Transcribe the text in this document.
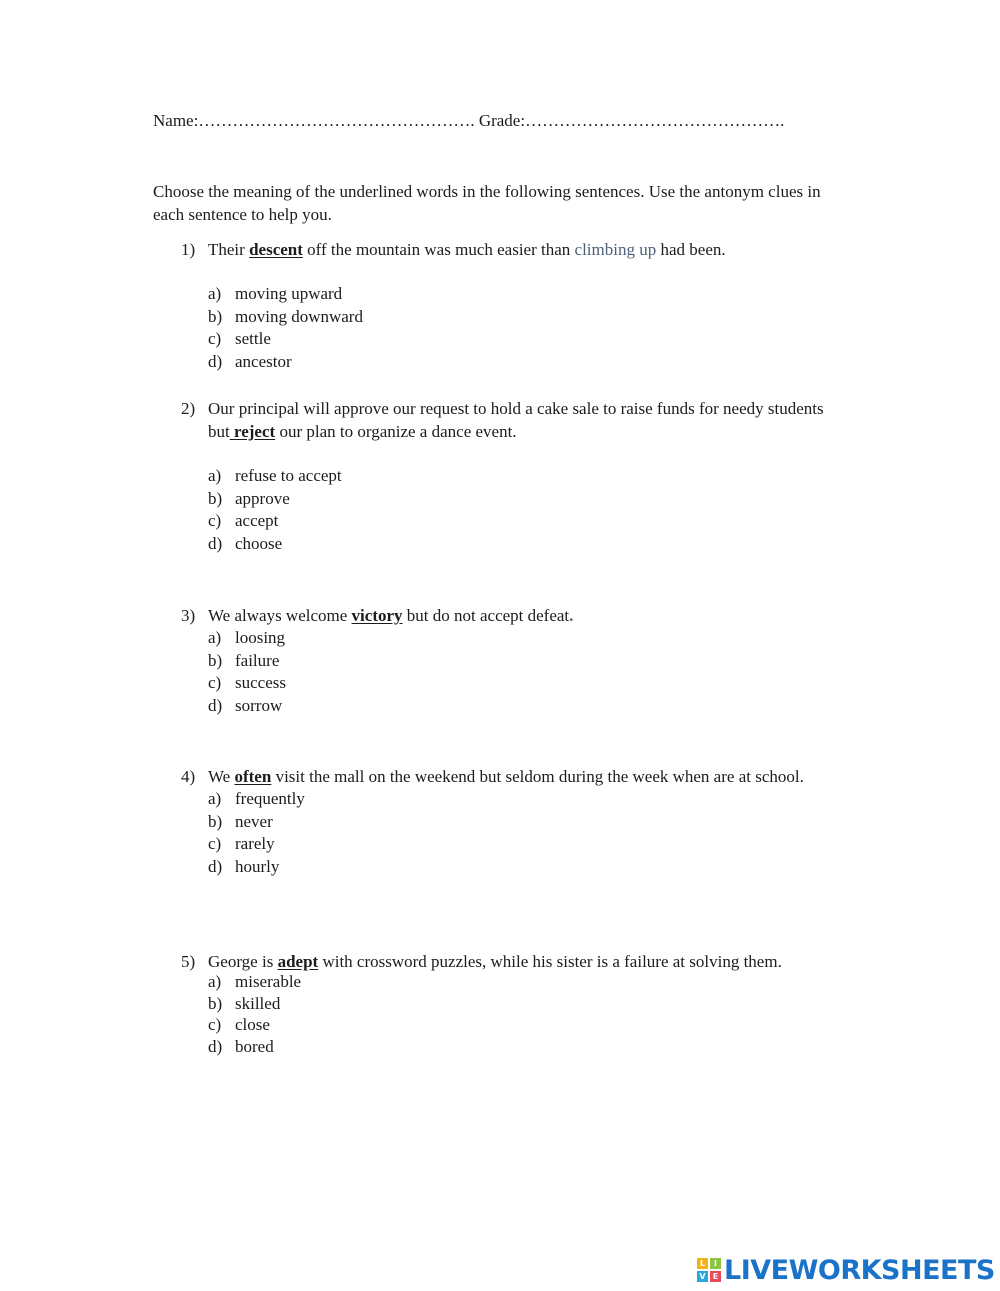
Name:…………………………………………. Grade:……………………………………….
Choose the meaning of the underlined words in the following sentences. Use the antonym clues in each sentence to help you.
1) Their descent off the mountain was much easier than climbing up had been.
a) moving upward
b) moving downward
c) settle
d) ancestor
2) Our principal will approve our request to hold a cake sale to raise funds for needy students but reject our plan to organize a dance event.
a) refuse to accept
b) approve
c) accept
d) choose
3) We always welcome victory but do not accept defeat.
a) loosing
b) failure
c) success
d) sorrow
4) We often visit the mall on the weekend but seldom during the week when are at school.
a) frequently
b) never
c) rarely
d) hourly
5) George is adept with crossword puzzles, while his sister is a failure at solving them.
a) miserable
b) skilled
c) close
d) bored
L	I
V E LIVEWORKSHEETS
